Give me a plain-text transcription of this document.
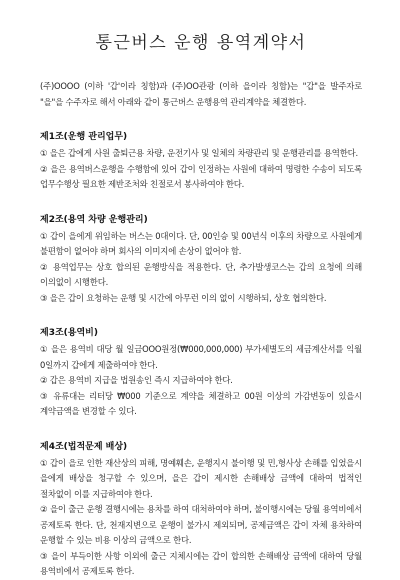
통근버스 운행 용역계약서

(주)OOOO (이하 '갑'이라 칭함)과 (주)OO관광 (이하 을이라 칭함)는 "갑"을 발주자로 "을"을 수주자로 해서 아래와 같이 통근버스 운행용역 관리계약을 체결한다.

제1조(운행 관리업무)

① 을은 갑에게 사원 출퇴근용 차량, 운전기사 및 일체의 차량관리 및 운행관리를 용역한다.

② 을은 용역버스운행을 수행함에 있어 갑이 인정하는 사원에 대하여 명령한 수송이 되도록 업무수행상 필요한 제반조처와 친절로서 봉사하여야 한다.

제2조(용역 차량 운행관리)

① 갑이 을에게 위임하는 버스는 0대이다. 단, 00인승 및 00년식 이후의 차량으로 사원에게 불편함이 없어야 하며 회사의 이미지에 손상이 없어야 함.

② 용역업무는 상호 합의된 운행방식을 적용한다. 단, 추가발생코스는 갑의 요청에 의해 이의없이 시행한다.

③ 을은 갑이 요청하는 운행 및 시간에 아무런 이의 없이 시행하되, 상호 협의한다.

제3조(용역비)

① 을은 용역비 대당 월 일금OOO원정(₩000,000,000) 부가세별도의 세금계산서를 익월 0일까지 갑에게 제출하여야 한다.

② 갑은 용역비 지급을 법원송인 즉시 지급하여야 한다.

③ 유류대는 리터당 ₩000 기준으로 계약을 체결하고 00원 이상의 가감변동이 있을시 계약금액을 변경할 수 있다.

제4조(법적문제 배상)

① 갑이 을로 인한 재산상의 피해, 명예훼손, 운행지시 불이행 및 민,형사상 손해를 입었을시 을에게 배상을 청구할 수 있으며, 을은 갑이 제시한 손해배상 금액에 대하여 법적인 절차없이 이를 지급하여야 한다.

② 을이 출근 운행 결행시에는 용차를 하여 대처하여야 하며, 불이행시에는 당월 용역비에서 공제토록 한다. 단, 천재지변으로 운행이 불가시 제외되며, 공제금액은 갑이 자체 용차하여 운행할 수 있는 비용 이상의 금액으로 한다.

③ 을이 부득이한 사항 이외에 출근 지체시에는 갑이 합의한 손해배상 금액에 대하여 당월 용역비에서 공제토록 한다.
